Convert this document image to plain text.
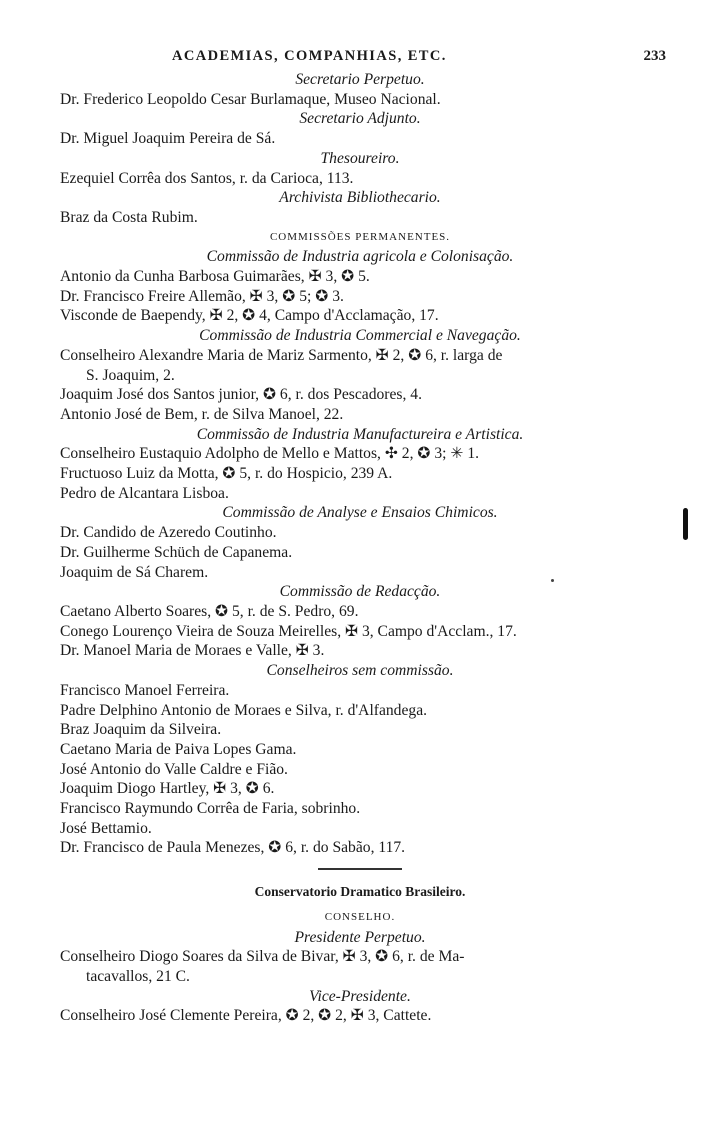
ACADEMIAS, COMPANHIAS, ETC.	233
Secretario Perpetuo.
Dr. Frederico Leopoldo Cesar Burlamaque, Museo Nacional.
Secretario Adjunto.
Dr. Miguel Joaquim Pereira de Sá.
Thesoureiro.
Ezequiel Corrêa dos Santos, r. da Carioca, 113.
Archivista Bibliothecario.
Braz da Costa Rubim.
COMMISSÕES PERMANENTES.
Commissão de Industria agricola e Colonisação.
Antonio da Cunha Barbosa Guimarães, ✠ 3, ✪ 5.
Dr. Francisco Freire Allemão, ✠ 3, ✪ 5; ✪ 3.
Visconde de Baependy, ✠ 2, ✪ 4, Campo d'Acclamação, 17.
Commissão de Industria Commercial e Navegação.
Conselheiro Alexandre Maria de Mariz Sarmento, ✠ 2, ✪ 6, r. larga de
S. Joaquim, 2.
Joaquim José dos Santos junior, ✪ 6, r. dos Pescadores, 4.
Antonio José de Bem, r. de Silva Manoel, 22.
Commissão de Industria Manufactureira e Artistica.
Conselheiro Eustaquio Adolpho de Mello e Mattos, ✣ 2, ✪ 3; ✳ 1.
Fructuoso Luiz da Motta, ✪ 5, r. do Hospicio, 239 A.
Pedro de Alcantara Lisboa.
Commissão de Analyse e Ensaios Chimicos.
Dr. Candido de Azeredo Coutinho.
Dr. Guilherme Schüch de Capanema.
Joaquim de Sá Charem.
Commissão de Redacção.
Caetano Alberto Soares, ✪ 5, r. de S. Pedro, 69.
Conego Lourenço Vieira de Souza Meirelles, ✠ 3, Campo d'Acclam., 17.
Dr. Manoel Maria de Moraes e Valle, ✠ 3.
Conselheiros sem commissão.
Francisco Manoel Ferreira.
Padre Delphino Antonio de Moraes e Silva, r. d'Alfandega.
Braz Joaquim da Silveira.
Caetano Maria de Paiva Lopes Gama.
José Antonio do Valle Caldre e Fião.
Joaquim Diogo Hartley, ✠ 3, ✪ 6.
Francisco Raymundo Corrêa de Faria, sobrinho.
José Bettamio.
Dr. Francisco de Paula Menezes, ✪ 6, r. do Sabão, 117.
Conservatorio Dramatico Brasileiro.
CONSELHO.
Presidente Perpetuo.
Conselheiro Diogo Soares da Silva de Bivar, ✠ 3, ✪ 6, r. de Ma-
tacavallos, 21 C.
Vice-Presidente.
Conselheiro José Clemente Pereira, ✪ 2, ✪ 2, ✠ 3, Cattete.
